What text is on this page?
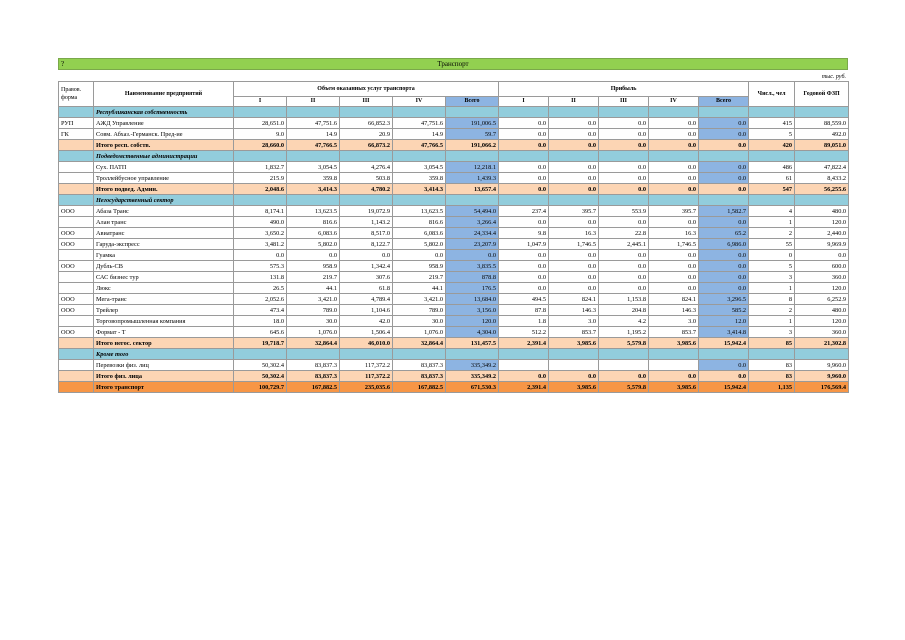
?	Транспорт
тыс. руб.
Правов. форма	Наименование предприятий	Объем оказанных услуг транспорта					Прибыль					Числ., чел	Годовой ФЗП
		I	II	III	IV	Всего	I	II	III	IV	Всего		
	Республиканская собственность												
РУП	АЖД Управление	28,651.0	47,751.6	66,852.3	47,751.6	191,006.5	0.0	0.0	0.0	0.0	0.0	415	88,559.0
ГК	Совм. Абхаз.-Германск. Пред-ие	9.0	14.9	20.9	14.9	59.7	0.0	0.0	0.0	0.0	0.0	5	492.0
	Итого респ. собств.	28,660.0	47,766.5	66,873.2	47,766.5	191,066.2	0.0	0.0	0.0	0.0	0.0	420	89,051.0
	Подведомственные администрации												
	Сух. ПАТП	1,832.7	3,054.5	4,276.4	3,054.5	12,218.1	0.0	0.0	0.0	0.0	0.0	486	47,822.4
	Троллейбусное управление	215.9	359.8	503.8	359.8	1,439.3	0.0	0.0	0.0	0.0	0.0	61	8,433.2
	Итого подвед. Админ.	2,048.6	3,414.3	4,780.2	3,414.3	13,657.4	0.0	0.0	0.0	0.0	0.0	547	56,255.6
	Негосударственный сектор												
ООО	Абаза Транс	8,174.1	13,623.5	19,072.9	13,623.5	54,494.0	237.4	395.7	553.9	395.7	1,582.7	4	480.0
	Алан транс	490.0	816.6	1,143.2	816.6	3,266.4	0.0	0.0	0.0	0.0	0.0	1	120.0
ООО	Авиатранс	3,650.2	6,083.6	8,517.0	6,083.6	24,334.4	9.8	16.3	22.8	16.3	65.2	2	2,440.0
ООО	Гаруда-экспресс	3,481.2	5,802.0	8,122.7	5,802.0	23,207.9	1,047.9	1,746.5	2,445.1	1,746.5	6,986.0	55	9,969.9
	Гуамка	0.0	0.0	0.0	0.0	0.0	0.0	0.0	0.0	0.0	0.0	0	0.0
ООО	Дубль-СВ	575.3	958.9	1,342.4	958.9	3,835.5	0.0	0.0	0.0	0.0	0.0	5	600.0
	САС бизнес тур	131.8	219.7	307.6	219.7	878.8	0.0	0.0	0.0	0.0	0.0	3	360.0
	Люкс	26.5	44.1	61.8	44.1	176.5	0.0	0.0	0.0	0.0	0.0	1	120.0
ООО	Мега-транс	2,052.6	3,421.0	4,789.4	3,421.0	13,684.0	494.5	824.1	1,153.8	824.1	3,296.5	8	6,252.9
ООО	Трейлер	473.4	789.0	1,104.6	789.0	3,156.0	87.8	146.3	204.8	146.3	585.2	2	480.0
	Торговопромышленная компания	18.0	30.0	42.0	30.0	120.0	1.8	3.0	4.2	3.0	12.0	1	120.0
ООО	Формат - Т	645.6	1,076.0	1,506.4	1,076.0	4,304.0	512.2	853.7	1,195.2	853.7	3,414.8	3	360.0
	Итого негос. сектор	19,718.7	32,864.4	46,010.0	32,864.4	131,457.5	2,391.4	3,985.6	5,579.8	3,985.6	15,942.4	85	21,302.8
	Кроме того												
	Перевозки физ. лиц	50,302.4	83,837.3	117,372.2	83,837.3	335,349.2					0.0	83	9,960.0
	Итого физ. лица	50,302.4	83,837.3	117,372.2	83,837.3	335,349.2	0.0	0.0	0.0	0.0	0.0	83	9,960.0
	Итого транспорт	100,729.7	167,882.5	235,035.6	167,882.5	671,530.3	2,391.4	3,985.6	5,579.8	3,985.6	15,942.4	1,135	176,569.4
